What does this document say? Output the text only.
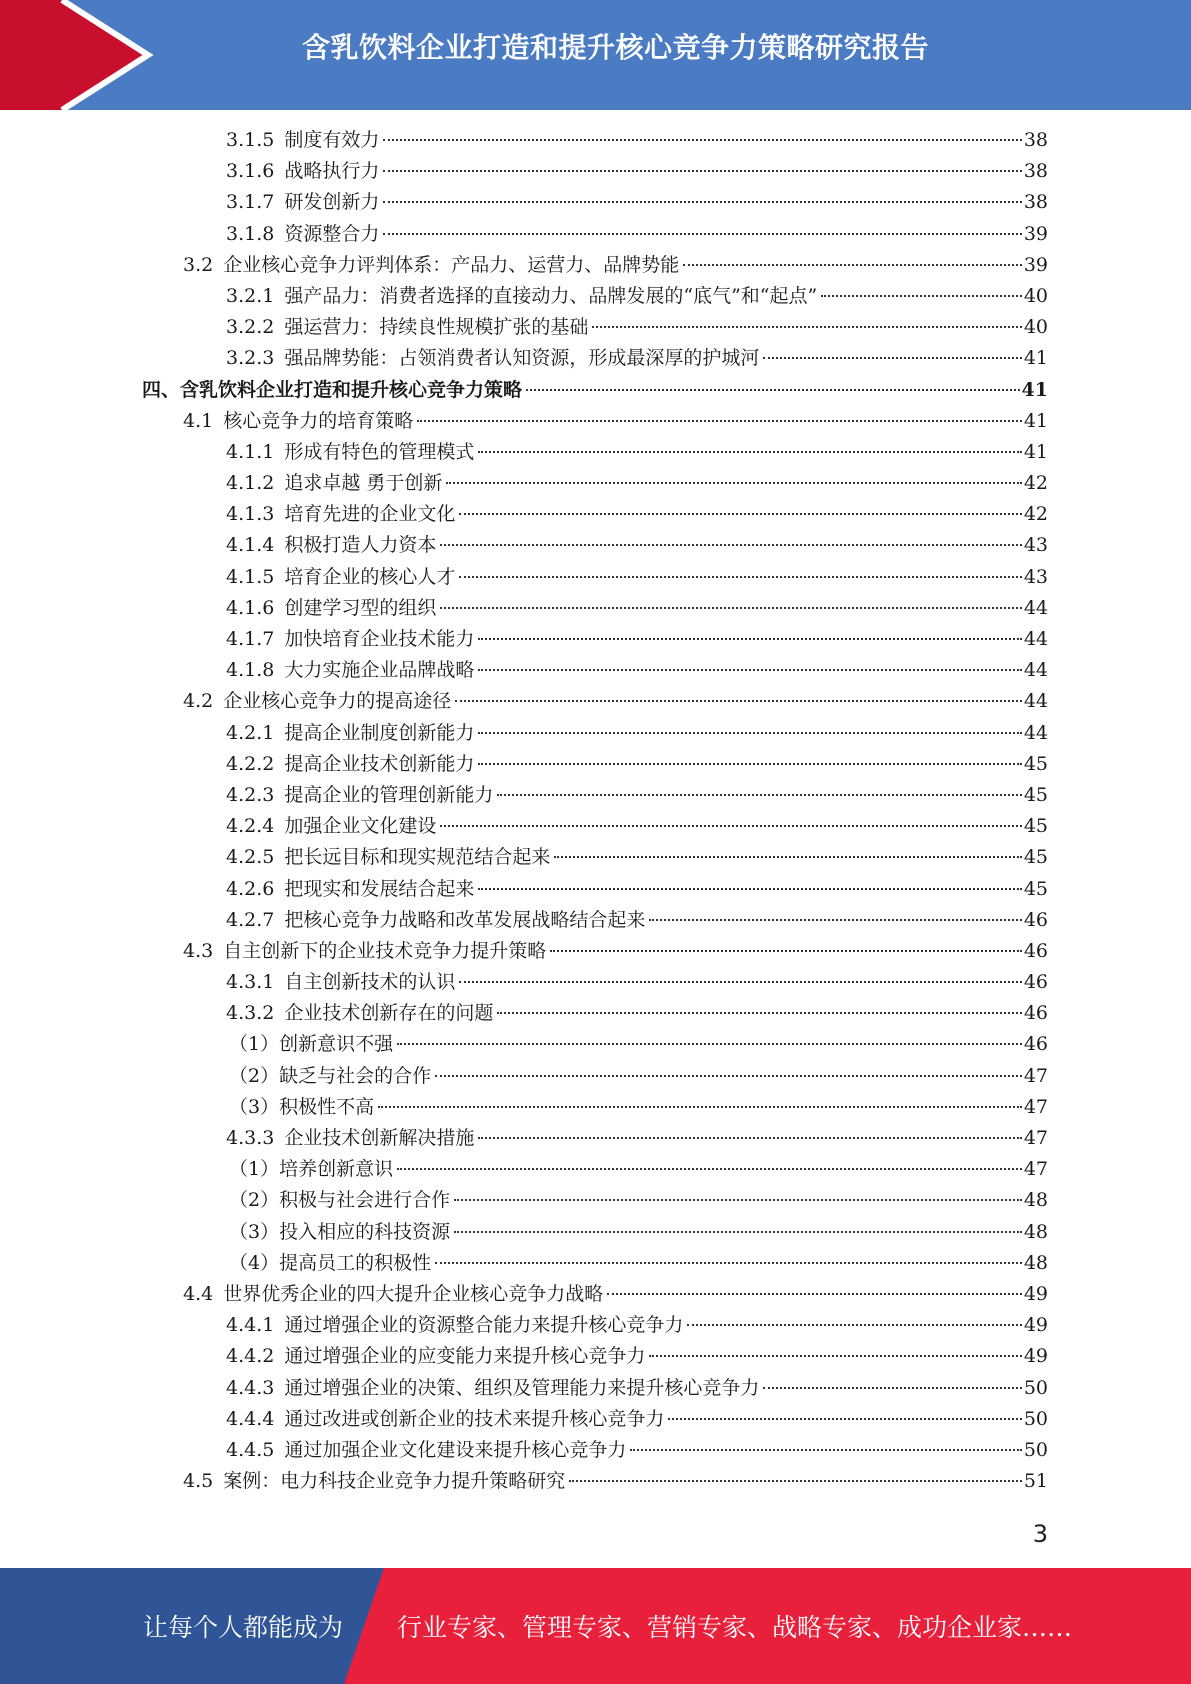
含乳饮料企业打造和提升核心竞争力策略研究报告
3.1.5 制度有效力	38
3.1.6 战略执行力	38
3.1.7 研发创新力	38
3.1.8 资源整合力	39
3.2 企业核心竞争力评判体系：产品力、运营力、品牌势能	39
3.2.1 强产品力：消费者选择的直接动力、品牌发展的“底气”和“起点”	40
3.2.2 强运营力：持续良性规模扩张的基础	40
3.2.3 强品牌势能：占领消费者认知资源，形成最深厚的护城河	41
四、含乳饮料企业打造和提升核心竞争力策略	41
4.1 核心竞争力的培育策略	41
4.1.1 形成有特色的管理模式	41
4.1.2 追求卓越 勇于创新	42
4.1.3 培育先进的企业文化	42
4.1.4 积极打造人力资本	43
4.1.5 培育企业的核心人才	43
4.1.6 创建学习型的组织	44
4.1.7 加快培育企业技术能力	44
4.1.8 大力实施企业品牌战略	44
4.2 企业核心竞争力的提高途径	44
4.2.1 提高企业制度创新能力	44
4.2.2 提高企业技术创新能力	45
4.2.3 提高企业的管理创新能力	45
4.2.4 加强企业文化建设	45
4.2.5 把长远目标和现实规范结合起来	45
4.2.6 把现实和发展结合起来	45
4.2.7 把核心竞争力战略和改革发展战略结合起来	46
4.3 自主创新下的企业技术竞争力提升策略	46
4.3.1 自主创新技术的认识	46
4.3.2 企业技术创新存在的问题	46
（1）创新意识不强	46
（2）缺乏与社会的合作	47
（3）积极性不高	47
4.3.3 企业技术创新解决措施	47
（1）培养创新意识	47
（2）积极与社会进行合作	48
（3）投入相应的科技资源	48
（4）提高员工的积极性	48
4.4 世界优秀企业的四大提升企业核心竞争力战略	49
4.4.1 通过增强企业的资源整合能力来提升核心竞争力	49
4.4.2 通过增强企业的应变能力来提升核心竞争力	49
4.4.3 通过增强企业的决策、组织及管理能力来提升核心竞争力	50
4.4.4 通过改进或创新企业的技术来提升核心竞争力	50
4.4.5 通过加强企业文化建设来提升核心竞争力	50
4.5 案例：电力科技企业竞争力提升策略研究	51
3
让每个人都能成为 行业专家、管理专家、营销专家、战略专家、成功企业家……
